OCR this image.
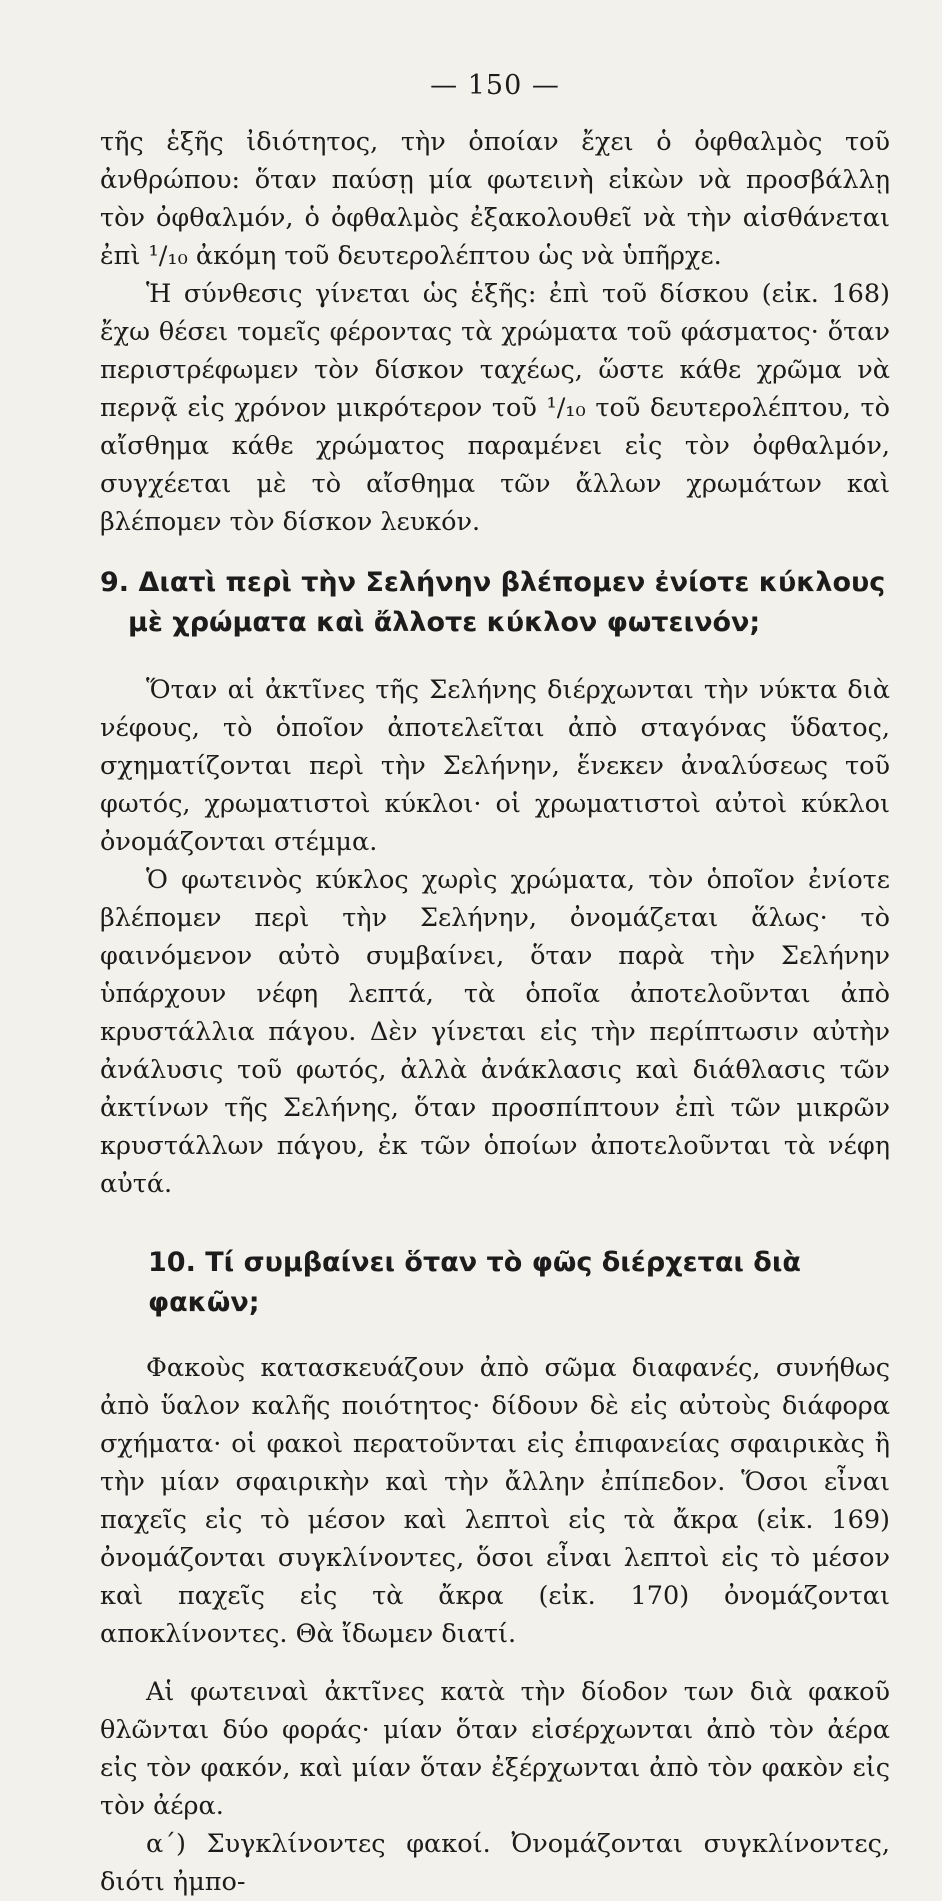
— 150 —

τῆς ἑξῆς ἰδιότητος, τὴν ὁποίαν ἔχει ὁ ὀφθαλμὸς τοῦ ἀνθρώπου: ὅταν παύσῃ μία φωτεινὴ εἰκὼν νὰ προσβάλλῃ τὸν ὀφθαλμόν, ὁ ὀφθαλμὸς ἐξακολουθεῖ νὰ τὴν αἰσθάνεται ἐπὶ ¹/₁₀ ἀκόμη τοῦ δευτερολέπτου ὡς νὰ ὑπῆρχε.

Ἡ σύνθεσις γίνεται ὡς ἑξῆς: ἐπὶ τοῦ δίσκου (εἰκ. 168) ἔχω θέσει τομεῖς φέροντας τὰ χρώματα τοῦ φάσματος· ὅταν περιστρέφωμεν τὸν δίσκον ταχέως, ὥστε κάθε χρῶμα νὰ περνᾷ εἰς χρόνον μικρότερον τοῦ ¹/₁₀ τοῦ δευτερολέπτου, τὸ αἴσθημα κάθε χρώματος παραμένει εἰς τὸν ὀφθαλμόν, συγχέεται μὲ τὸ αἴσθημα τῶν ἄλλων χρωμάτων καὶ βλέπομεν τὸν δίσκον λευκόν.

9. Διατὶ περὶ τὴν Σελήνην βλέπομεν ἐνίοτε κύκλους
μὲ χρώματα καὶ ἄλλοτε κύκλον φωτεινόν;

Ὅταν αἱ ἀκτῖνες τῆς Σελήνης διέρχωνται τὴν νύκτα διὰ νέφους, τὸ ὁποῖον ἀποτελεῖται ἀπὸ σταγόνας ὕδατος, σχηματίζονται περὶ τὴν Σελήνην, ἕνεκεν ἀναλύσεως τοῦ φωτός, χρωματιστοὶ κύκλοι· οἱ χρωματιστοὶ αὐτοὶ κύκλοι ὀνομάζονται στέμμα.

Ὁ φωτεινὸς κύκλος χωρὶς χρώματα, τὸν ὁποῖον ἐνίοτε βλέπομεν περὶ τὴν Σελήνην, ὀνομάζεται ἅλως· τὸ φαινόμενον αὐτὸ συμβαίνει, ὅταν παρὰ τὴν Σελήνην ὑπάρχουν νέφη λεπτά, τὰ ὁποῖα ἀποτελοῦνται ἀπὸ κρυστάλλια πάγου. Δὲν γίνεται εἰς τὴν περίπτωσιν αὐτὴν ἀνάλυσις τοῦ φωτός, ἀλλὰ ἀνάκλασις καὶ διάθλασις τῶν ἀκτίνων τῆς Σελήνης, ὅταν προσπίπτουν ἐπὶ τῶν μικρῶν κρυστάλλων πάγου, ἐκ τῶν ὁποίων ἀποτελοῦνται τὰ νέφη αὐτά.

10. Τί συμβαίνει ὅταν τὸ φῶς διέρχεται διὰ φακῶν;

Φακοὺς κατασκευάζουν ἀπὸ σῶμα διαφανές, συνήθως ἀπὸ ὕαλον καλῆς ποιότητος· δίδουν δὲ εἰς αὐτοὺς διάφορα σχήματα· οἱ φακοὶ περατοῦνται εἰς ἐπιφανείας σφαιρικὰς ἢ τὴν μίαν σφαιρικὴν καὶ τὴν ἄλλην ἐπίπεδον. Ὅσοι εἶναι παχεῖς εἰς τὸ μέσον καὶ λεπτοὶ εἰς τὰ ἄκρα (εἰκ. 169) ὀνομάζονται συγκλίνοντες, ὅσοι εἶναι λεπτοὶ εἰς τὸ μέσον καὶ παχεῖς εἰς τὰ ἄκρα (εἰκ. 170) ὀνομάζονται αποκλίνοντες. Θὰ ἴδωμεν διατί.

Αἱ φωτειναὶ ἀκτῖνες κατὰ τὴν δίοδον των διὰ φακοῦ θλῶνται δύο φοράς· μίαν ὅταν εἰσέρχωνται ἀπὸ τὸν ἀέρα εἰς τὸν φακόν, καὶ μίαν ὅταν ἐξέρχωνται ἀπὸ τὸν φακὸν εἰς τὸν ἀέρα.

α΄) Συγκλίνοντες φακοί. Ὀνομάζονται συγκλίνοντες, διότι ἠμπο-
